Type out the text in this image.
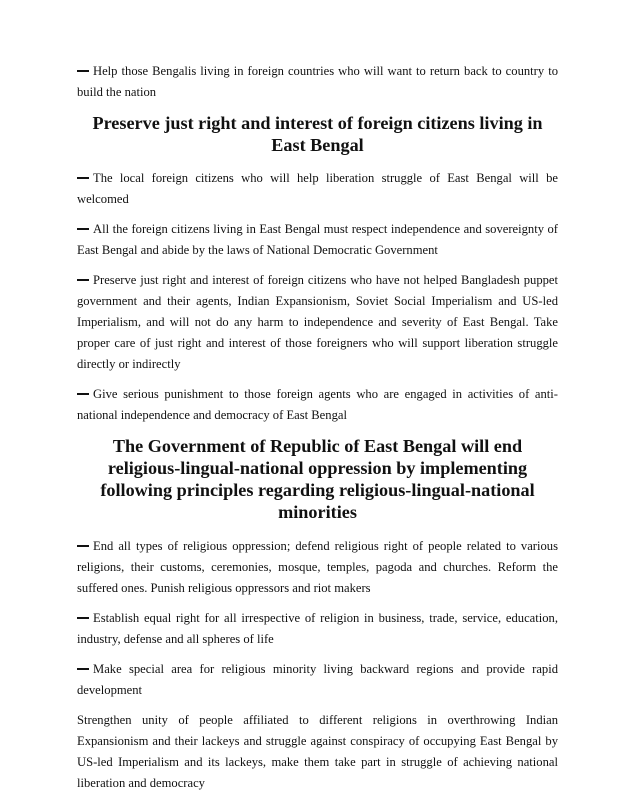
Help those Bengalis living in foreign countries who will want to return back to country to build the nation

Preserve just right and interest of foreign citizens living in East Bengal

The local foreign citizens who will help liberation struggle of East Bengal will be welcomed

All the foreign citizens living in East Bengal must respect independence and sovereignty of East Bengal and abide by the laws of National Democratic Government

Preserve just right and interest of foreign citizens who have not helped Bangladesh puppet government and their agents, Indian Expansionism, Soviet Social Imperialism and US-led Imperialism, and will not do any harm to independence and severity of East Bengal. Take proper care of just right and interest of those foreigners who will support liberation struggle directly or indirectly

Give serious punishment to those foreign agents who are engaged in activities of anti-national independence and democracy of East Bengal

The Government of Republic of East Bengal will end religious-lingual-national oppression by implementing following principles regarding religious-lingual-national minorities

End all types of religious oppression; defend religious right of people related to various religions, their customs, ceremonies, mosque, temples, pagoda and churches. Reform the suffered ones. Punish religious oppressors and riot makers

Establish equal right for all irrespective of religion in business, trade, service, education, industry, defense and all spheres of life

Make special area for religious minority living backward regions and provide rapid development

Strengthen unity of people affiliated to different religions in overthrowing Indian Expansionism and their lackeys and struggle against conspiracy of occupying East Bengal by US-led Imperialism and its lackeys, make them take part in struggle of achieving national liberation and democracy
